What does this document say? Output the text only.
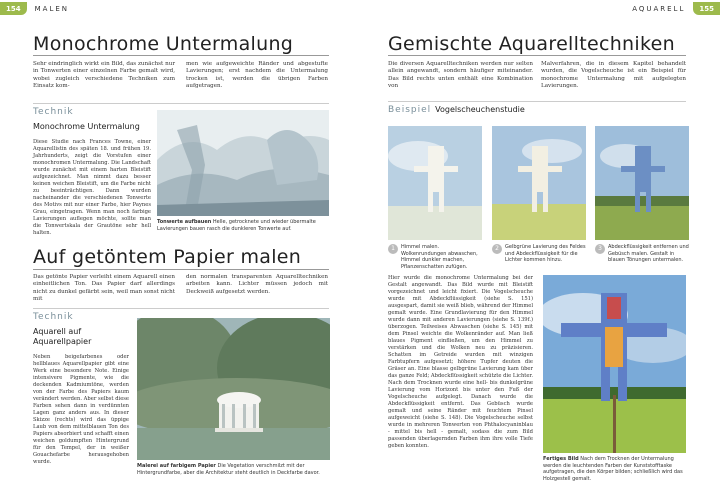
154	MALEN	AQUARELL	155
Monochrome Untermalung
Sehr eindringlich wirkt ein Bild, das zunächst nur in Tonwerten einer einzelnen Farbe gemalt wird, wobei zugleich verschiedene Techniken zum Einsatz kom-
men wie aufgeweichte Ränder und abgestufte Lavierungen; erst nachdem die Untermalung trocken ist, werden die übrigen Farben aufgetragen.
Technik
Monochrome Untermalung
Diese Studie nach Frances Towne, einer Aquarellistin des späten 18. und frühen 19. Jahrhunderts, zeigt die Vorstufen einer monochromen Untermalung. Die Landschaft wurde zunächst mit einem harten Bleistift aufgezeichnet. Man nimmt dazu besser keinen weichen Bleistift, um die Farbe nicht zu beeinträchtigen. Dann wurden nacheinander die verschiedenen Tonwerte des Motivs mit nur einer Farbe, hier Paynes Grau, eingetragen. Wenn man noch farbige Lavierungen auflegen möchte, sollte man die Tonwertskala der Grautöne sehr hell halten.
Tonwerte aufbauen Helle, getrocknete und wieder übermalte Lavierungen bauen rasch die dunkleren Tonwerte auf.
Auf getöntem Papier malen
Das getönte Papier verleiht einem Aquarell einen einheitlichen Ton. Das Papier darf allerdings nicht zu dunkel gefärbt sein, weil man sonst nicht mit
den normalen transparenten Aquarelltechniken arbeiten kann. Lichter müssen jedoch mit Deckweiß aufgesetzt werden.
Technik
Aquarell auf Aquarellpapier
Neben beigefarbenes oder hellblaues Aquarellpapier gibt eine Werk eine besondere Note. Einige intensivere Pigmente, wie die deckenden Kadmiumtöne, werden von der Farbe des Papiers kaum verändert werden. Aber selbst diese Farben sehen dann in verdünnten Lagen ganz anders aus. In dieser Skizze (rechts) wird das üppige Laub von dem mittelblauen Ton des Papiers absorbiert und schafft einen weichen goldumpften Hintergrund für den Tempel, der in weißer Gouachefarbe herausgehoben wurde.
Malerei auf farbigem Papier Die Vegetation verschmilzt mit der Hintergrundfarbe, aber die Architektur steht deutlich in Deckfarbe davor.
Gemischte Aquarelltechniken
Die diversen Aquarelltechniken werden nur selten allein angewandt, sondern häufiger miteinander. Das Bild rechts unten enthält eine Kombination von
Malverfahren, die in diesem Kapitel behandelt wurden, die Vogelscheuche ist ein Beispiel für monochrome Untermalung mit aufgelegten Lavierungen.
Beispiel Vogelscheuchenstudie
1	Himmel malen. Wolkenrundungen abwaschen, Himmel dunkler machen, Pflanzenschatten zufügen.
2	Gelbgrüne Lavierung des Feldes und Abdeckflüssigkeit für die Lichter kommen hinzu.
3	Abdeckflüssigkeit entfernen und Gebüsch malen. Gestalt in blauen Tönungen untermalen.
Hier wurde die monochrome Untermalung bei der Gestalt angewandt. Das Bild wurde mit Bleistift vorgezeichnet und leicht fixiert. Die Vogelscheuche wurde mit Abdeckflüssigkeit (siehe S. 151) ausgespart, damit sie weiß blieb, während der Himmel gemalt wurde. Eine Grundlavierung für den Himmel wurde dann mit anderen Lavierungen (siehe S. 139f.) überzogen. Teilweises Abwaschen (siehe S. 145) mit dem Pinsel weichte die Wolkenränder auf. Man ließ blaues Pigment einfließen, um den Himmel zu verstärken und die Wolken neu zu präzisieren. Schatten im Getreide wurden mit winzigen Farbtupfern aufgesetzt; höhere Tupfer deuten die Gräser an. Eine blasse gelbgrüne Lavierung kam über das ganze Feld; Abdeckflüssigkeit schützte die Lichter. Nach dem Trocknen wurde eine hell- bis dunkelgrüne Lavierung vom Horizont bis unter den Fuß der Vogelscheuche aufgelegt. Danach wurde die Abdeckflüssigkeit entfernt. Das Gebüsch wurde gemalt und seine Ränder mit feuchtem Pinsel aufgeweicht (siehe S. 148). Die Vogelscheuche selbst wurde in mehreren Tonwerten von Phthalocyaninblau - mittel bis hell - gemalt, sodass die zum Bild passenden überlagernden Farben ihm ihre volle Tiefe geben konnten.
Fertiges Bild Nach dem Trocknen der Untermalung werden die leuchtenden Farben der Kunststofftaske aufgetragen, die den Körper bilden; schließlich wird das Holzgestell gemalt.
